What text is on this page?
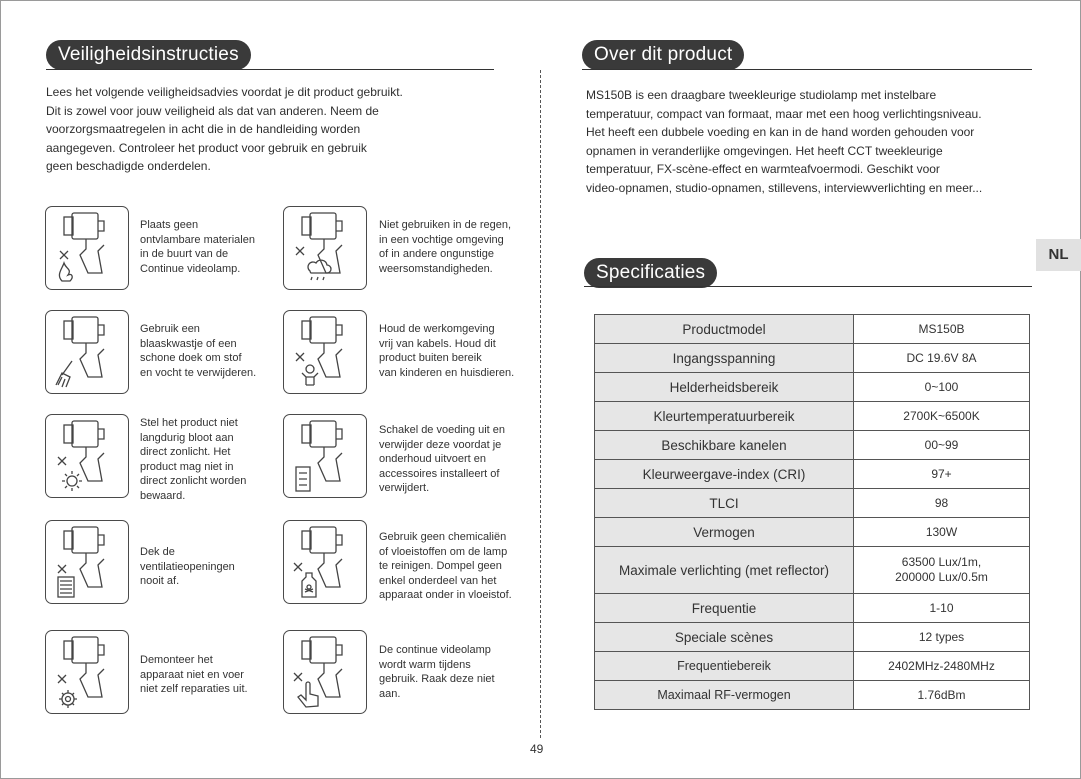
Veiligheidsinstructies
Lees het volgende veiligheidsadvies voordat je dit product gebruikt.
Dit is zowel voor jouw veiligheid als dat van anderen. Neem de
voorzorgsmaatregelen in acht die in de handleiding worden
aangegeven. Controleer het product voor gebruik en gebruik
geen beschadigde onderdelen.
Plaats geen
ontvlambare materialen
in de buurt van de
Continue videolamp.
Niet gebruiken in de regen,
in een vochtige omgeving
of in andere ongunstige
weersomstandigheden.
Gebruik een
blaaskwastje of een
schone doek om stof
en vocht te verwijderen.
Houd de werkomgeving
vrij van kabels. Houd dit
product buiten bereik
van kinderen en huisdieren.
Stel het product niet
langdurig bloot aan
direct zonlicht. Het
product mag niet in
direct zonlicht worden
bewaard.
Schakel de voeding uit en
verwijder deze voordat je
onderhoud uitvoert en
accessoires installeert of
verwijdert.
Dek de
ventilatieopeningen
nooit af.
Gebruik geen chemicaliën
of vloeistoffen om de lamp
te reinigen. Dompel geen
enkel onderdeel van het
apparaat onder in vloeistof.
Demonteer het
apparaat niet en voer
niet zelf reparaties uit.
De continue videolamp
wordt warm tijdens
gebruik. Raak deze niet
aan.
Over dit product
MS150B is een draagbare tweekleurige studiolamp met instelbare
temperatuur, compact van formaat, maar met een hoog verlichtingsniveau.
Het heeft een dubbele voeding en kan in de hand worden gehouden voor
opnamen in veranderlijke omgevingen. Het heeft CCT tweekleurige
temperatuur, FX-scène-effect en warmteafvoermodi. Geschikt voor
video-opnamen, studio-opnamen, stillevens, interviewverlichting en meer...
NL
Specificaties
Productmodel	MS150B
Ingangsspanning	DC 19.6V 8A
Helderheidsbereik	0~100
Kleurtemperatuurbereik	2700K~6500K
Beschikbare kanelen	00~99
Kleurweergave-index (CRI)	97+
TLCI	98
Vermogen	130W
Maximale verlichting (met reflector)	63500 Lux/1m,
200000 Lux/0.5m

Frequentie	1-10
Speciale scènes	12 types
Frequentiebereik	2402MHz-2480MHz
Maximaal RF-vermogen	1.76dBm
49
